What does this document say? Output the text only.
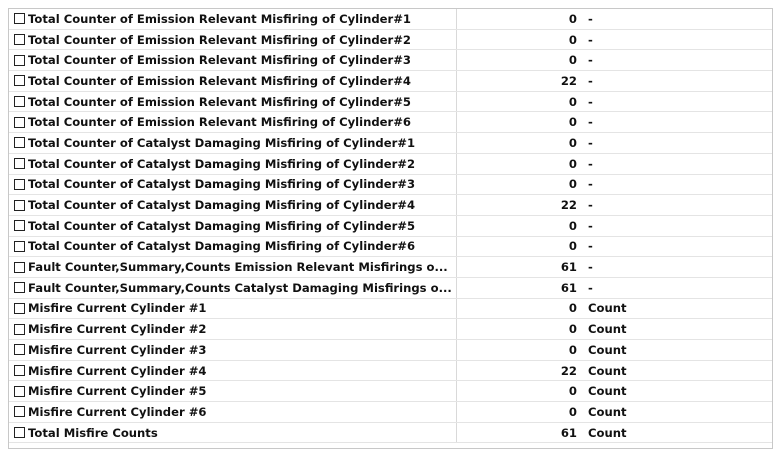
Total Counter of Emission Relevant Misfiring of Cylinder#1	0 -
Total Counter of Emission Relevant Misfiring of Cylinder#2	0 -
Total Counter of Emission Relevant Misfiring of Cylinder#3	0 -
Total Counter of Emission Relevant Misfiring of Cylinder#4	22 -
Total Counter of Emission Relevant Misfiring of Cylinder#5	0 -
Total Counter of Emission Relevant Misfiring of Cylinder#6	0 -
Total Counter of Catalyst Damaging Misfiring of Cylinder#1	0 -
Total Counter of Catalyst Damaging Misfiring of Cylinder#2	0 -
Total Counter of Catalyst Damaging Misfiring of Cylinder#3	0 -
Total Counter of Catalyst Damaging Misfiring of Cylinder#4	22 -
Total Counter of Catalyst Damaging Misfiring of Cylinder#5	0 -
Total Counter of Catalyst Damaging Misfiring of Cylinder#6	0 -
Fault Counter,Summary,Counts Emission Relevant Misfirings o...	61 -
Fault Counter,Summary,Counts Catalyst Damaging Misfirings o...	61 -
Misfire Current Cylinder #1	0 Count
Misfire Current Cylinder #2	0 Count
Misfire Current Cylinder #3	0 Count
Misfire Current Cylinder #4	22 Count
Misfire Current Cylinder #5	0 Count
Misfire Current Cylinder #6	0 Count
Total Misfire Counts	61 Count
